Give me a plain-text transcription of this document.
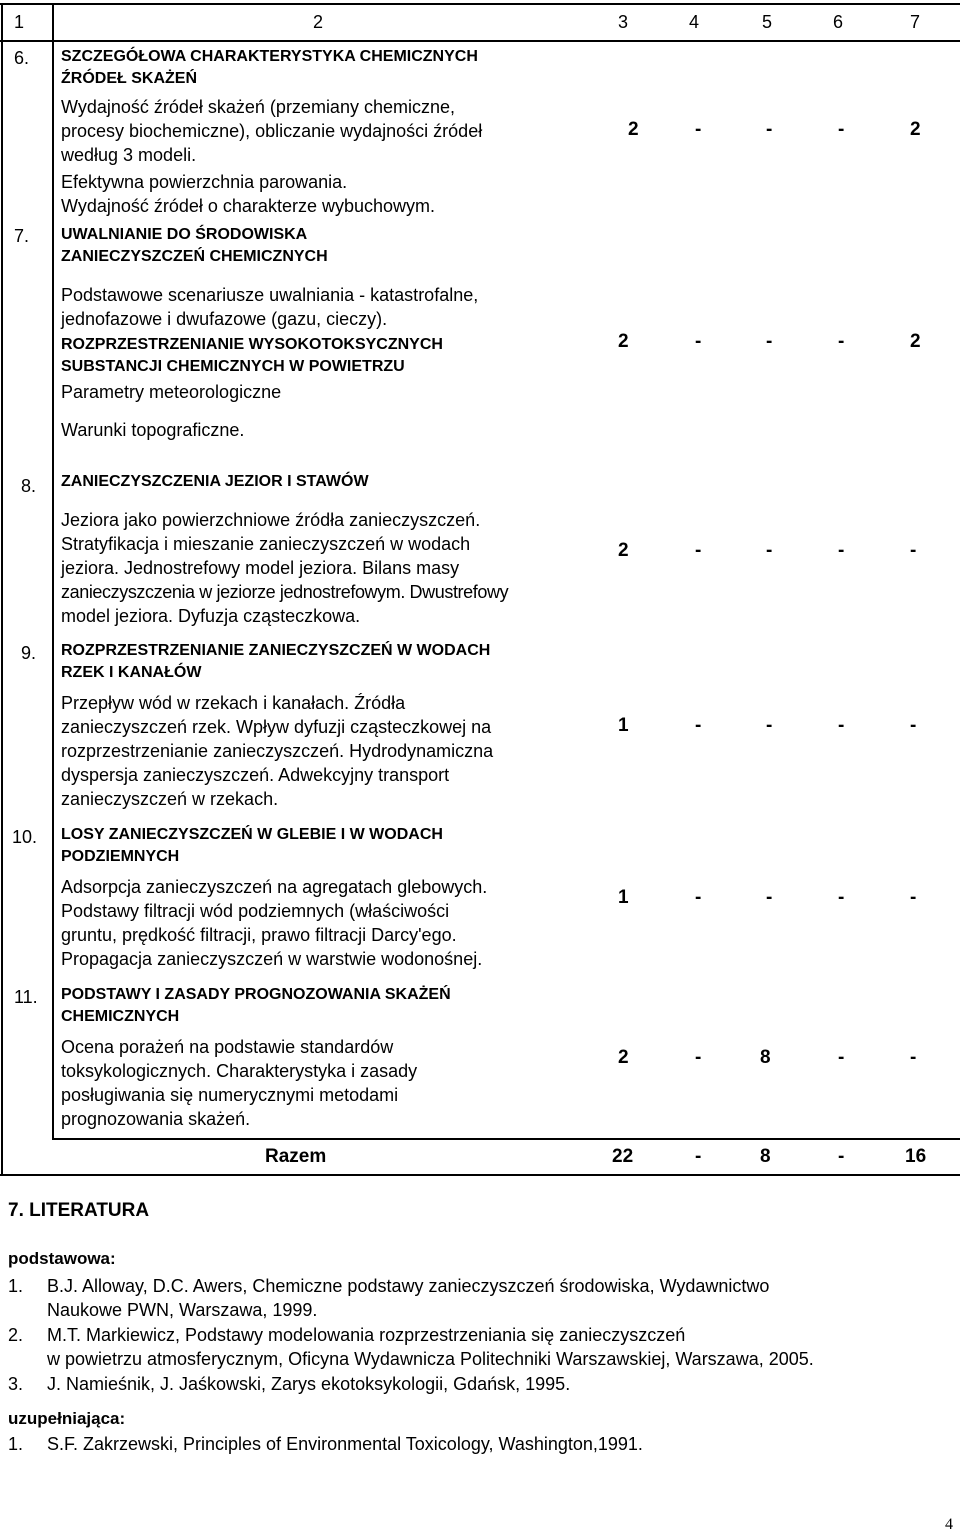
1	2	3	4	5	6	7
6. SZCZEGÓŁOWA CHARAKTERYSTYKA CHEMICZNYCH
ŹRÓDEŁ SKAŻEŃ
Wydajność źródeł skażeń (przemiany chemiczne,
procesy biochemiczne), obliczanie wydajności źródeł
według 3 modeli.
Efektywna powierzchnia parowania.
Wydajność źródeł o charakterze wybuchowym.
2	-	-	-	2
7. UWALNIANIE DO ŚRODOWISKA
ZANIECZYSZCZEŃ CHEMICZNYCH
Podstawowe scenariusze uwalniania - katastrofalne,
jednofazowe i dwufazowe (gazu, cieczy).
ROZPRZESTRZENIANIE WYSOKOTOKSYCZNYCH
SUBSTANCJI CHEMICZNYCH W POWIETRZU
Parametry meteorologiczne
Warunki topograficzne.
2	-	-	-	2
8. ZANIECZYSZCZENIA JEZIOR I STAWÓW
Jeziora jako powierzchniowe źródła zanieczyszczeń.
Stratyfikacja i mieszanie zanieczyszczeń w wodach
jeziora. Jednostrefowy model jeziora. Bilans masy
zanieczyszczenia w jeziorze jednostrefowym. Dwustrefowy
model jeziora. Dyfuzja cząsteczkowa.
2	-	-	-	-
9. ROZPRZESTRZENIANIE ZANIECZYSZCZEŃ W WODACH
RZEK I KANAŁÓW
Przepływ wód w rzekach i kanałach. Źródła
zanieczyszczeń rzek. Wpływ dyfuzji cząsteczkowej na
rozprzestrzenianie zanieczyszczeń. Hydrodynamiczna
dyspersja zanieczyszczeń. Adwekcyjny transport
zanieczyszczeń w rzekach.
1	-	-	-	-
10. LOSY ZANIECZYSZCZEŃ W GLEBIE I W WODACH
PODZIEMNYCH
Adsorpcja zanieczyszczeń na agregatach glebowych.
Podstawy filtracji wód podziemnych (właściwości
gruntu, prędkość filtracji, prawo filtracji Darcy'ego.
Propagacja zanieczyszczeń w warstwie wodonośnej.
1	-	-	-	-
11. PODSTAWY I ZASADY PROGNOZOWANIA SKAŻEŃ
CHEMICZNYCH
Ocena porażeń na podstawie standardów
toksykologicznych. Charakterystyka i zasady
posługiwania się numerycznymi metodami
prognozowania skażeń.
2	-	8	-	-
Razem	22	-	8	-	16
7. LITERATURA
podstawowa:
1. B.J. Alloway, D.C. Awers, Chemiczne podstawy zanieczyszczeń środowiska, Wydawnictwo
Naukowe PWN, Warszawa, 1999.
2. M.T. Markiewicz, Podstawy modelowania rozprzestrzeniania się zanieczyszczeń
w powietrzu atmosferycznym, Oficyna Wydawnicza Politechniki Warszawskiej, Warszawa, 2005.
3. J. Namieśnik, J. Jaśkowski, Zarys ekotoksykologii, Gdańsk, 1995.
uzupełniająca:
1. S.F. Zakrzewski, Principles of Environmental Toxicology, Washington,1991.
4
